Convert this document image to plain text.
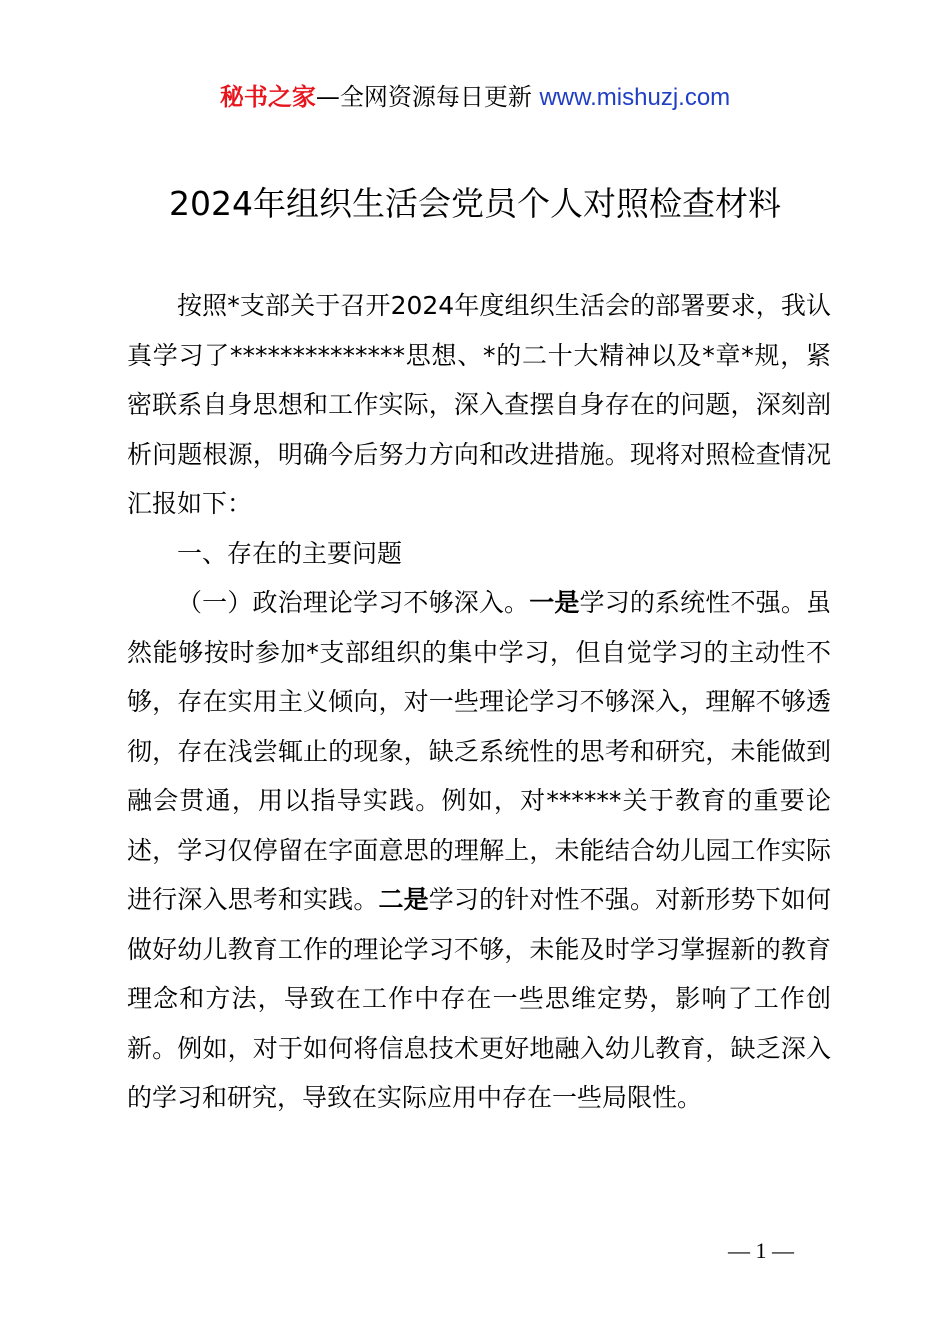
秘书之家—全网资源每日更新 www.mishuzj.com
2024年组织生活会党员个人对照检查材料

按照*支部关于召开2024年度组织生活会的部署要求，我认真学习了**************思想、*的二十大精神以及*章*规，紧密联系自身思想和工作实际，深入查摆自身存在的问题，深刻剖析问题根源，明确今后努力方向和改进措施。现将对照检查情况汇报如下：

一、存在的主要问题

（一）政治理论学习不够深入。一是学习的系统性不强。虽然能够按时参加*支部组织的集中学习，但自觉学习的主动性不够，存在实用主义倾向，对一些理论学习不够深入，理解不够透彻，存在浅尝辄止的现象，缺乏系统性的思考和研究，未能做到融会贯通，用以指导实践。例如，对******关于教育的重要论述，学习仅停留在字面意思的理解上，未能结合幼儿园工作实际进行深入思考和实践。二是学习的针对性不强。对新形势下如何做好幼儿教育工作的理论学习不够，未能及时学习掌握新的教育理念和方法，导致在工作中存在一些思维定势，影响了工作创新。例如，对于如何将信息技术更好地融入幼儿教育，缺乏深入的学习和研究，导致在实际应用中存在一些局限性。

— 1 —
